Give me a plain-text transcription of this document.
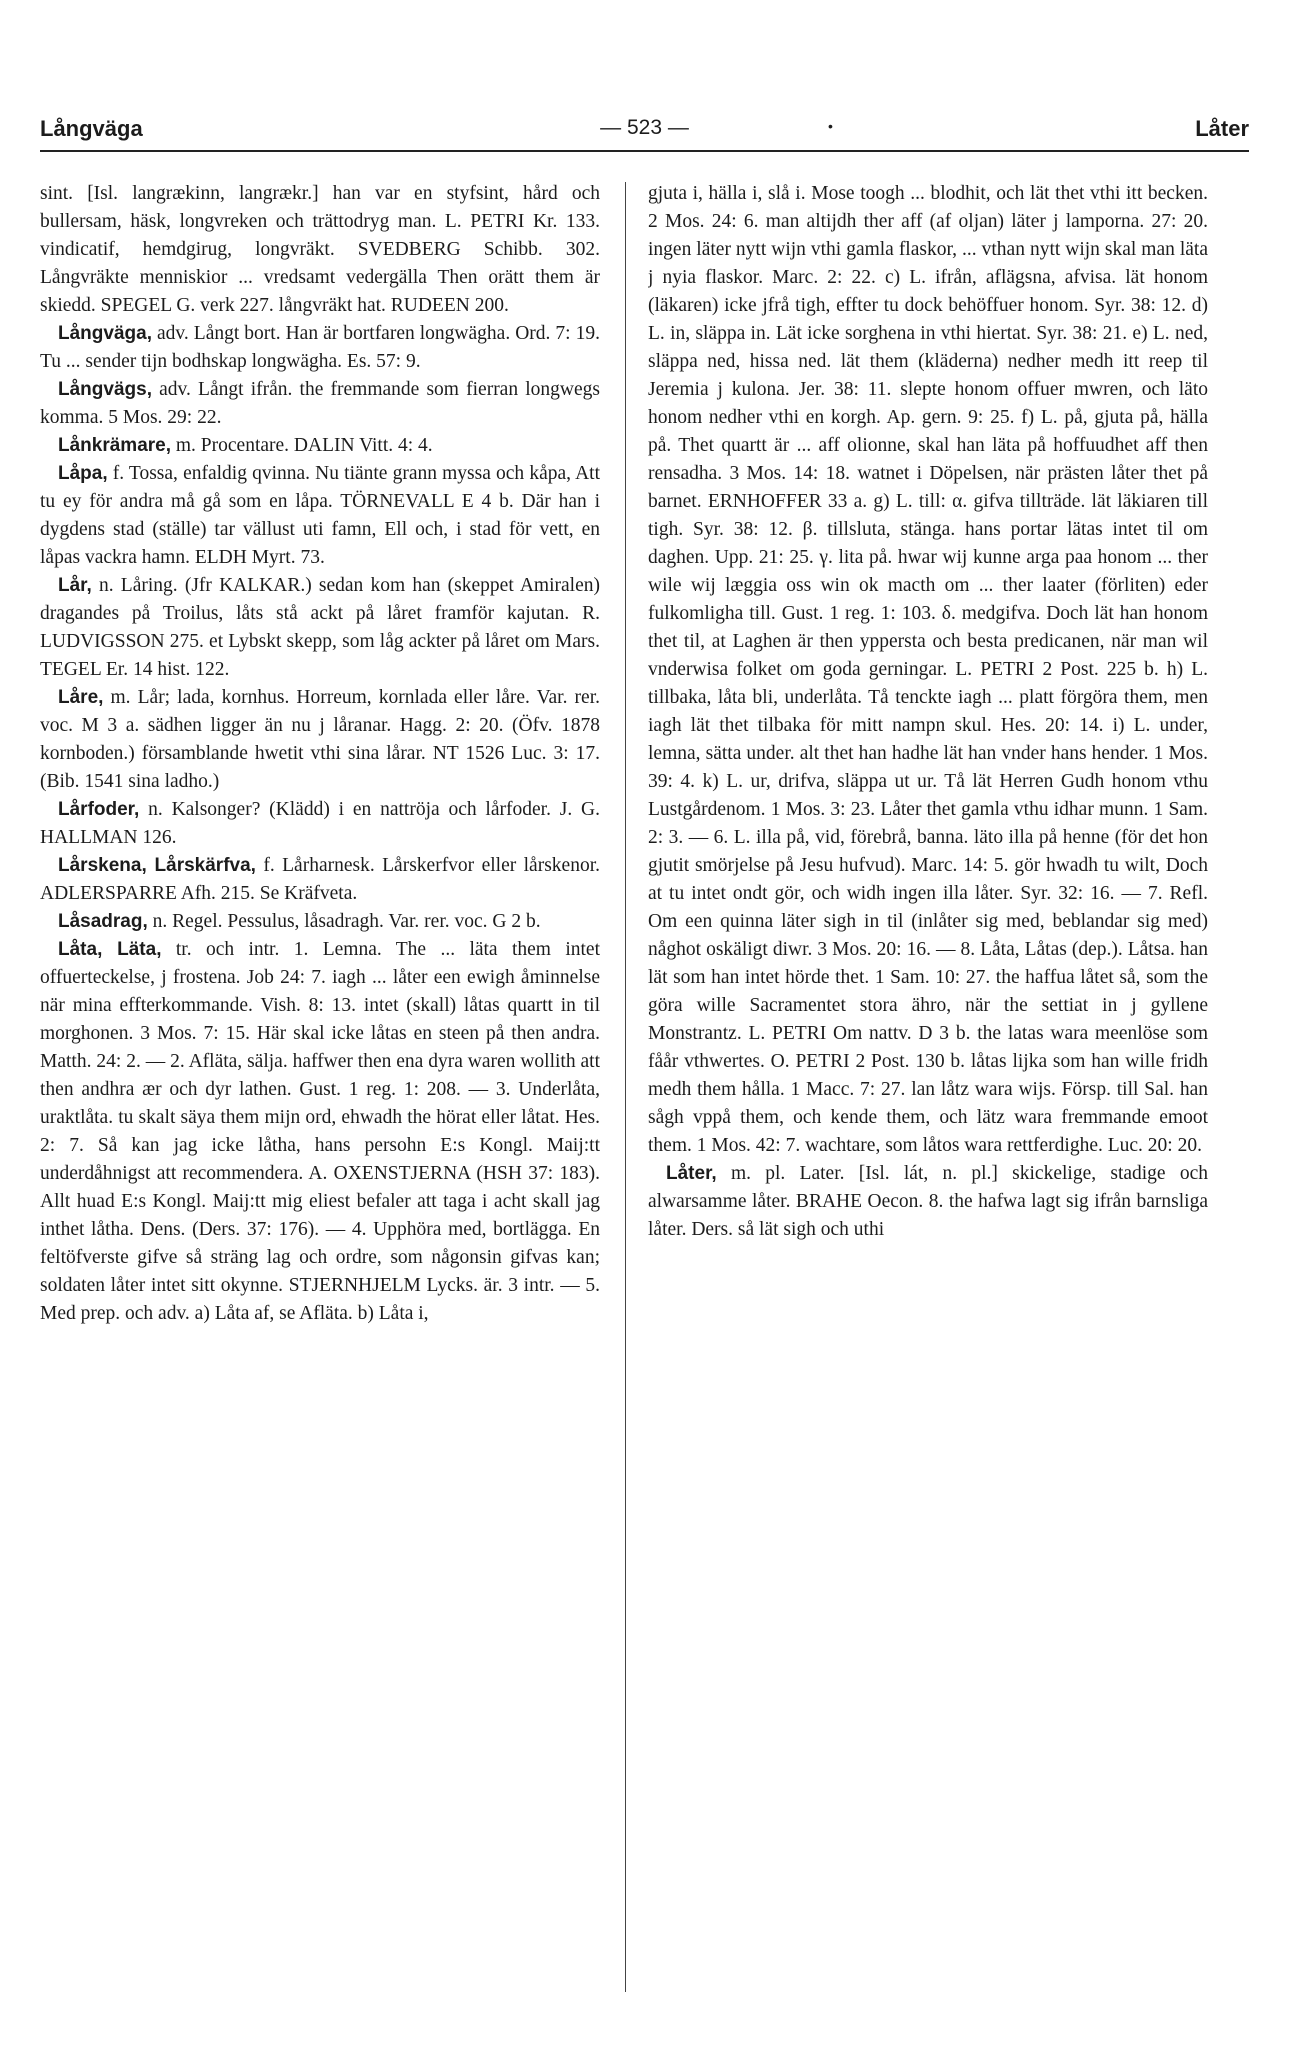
Långväga	— 523 —	•	Låter

sint. [Isl. langrækinn, langrækr.] han var en styfsint, hård och bullersam, häsk, longvreken och trättodryg man. L. PETRI Kr. 133. vindicatif, hemdgirug, longvräkt. SVEDBERG Schibb. 302. Långvräkte menniskior ... vredsamt vedergälla Then orätt them är skiedd. SPEGEL G. verk 227. långvräkt hat. RUDEEN 200.

Långväga, adv. Långt bort. Han är bortfaren longwägha. Ord. 7: 19. Tu ... sender tijn bodhskap longwägha. Es. 57: 9.

Långvägs, adv. Långt ifrån. the fremmande som fierran longwegs komma. 5 Mos. 29: 22.

Lånkrämare, m. Procentare. DALIN Vitt. 4: 4.

Låpa, f. Tossa, enfaldig qvinna. Nu tiänte grann myssa och kåpa, Att tu ey för andra må gå som en låpa. TÖRNEVALL E 4 b. Där han i dygdens stad (ställe) tar vällust uti famn, Ell och, i stad för vett, en låpas vackra hamn. ELDH Myrt. 73.

Lår, n. Låring. (Jfr KALKAR.) sedan kom han (skeppet Amiralen) dragandes på Troilus, låts stå ackt på låret framför kajutan. R. LUDVIGSSON 275. et Lybskt skepp, som låg ackter på låret om Mars. TEGEL Er. 14 hist. 122.

Låre, m. Lår; lada, kornhus. Horreum, kornlada eller låre. Var. rer. voc. M 3 a. sädhen ligger än nu j låranar. Hagg. 2: 20. (Öfv. 1878 kornboden.) församblande hwetit vthi sina lårar. NT 1526 Luc. 3: 17. (Bib. 1541 sina ladho.)

Lårfoder, n. Kalsonger? (Klädd) i en nattröja och lårfoder. J. G. HALLMAN 126.

Lårskena, Lårskärfva, f. Lårharnesk. Lårskerfvor eller lårskenor. ADLERSPARRE Afh. 215. Se Kräfveta.

Låsadrag, n. Regel. Pessulus, låsadragh. Var. rer. voc. G 2 b.

Låta, Läta, tr. och intr. 1. Lemna. The ... läta them intet offuerteckelse, j frostena. Job 24: 7. iagh ... låter een ewigh åminnelse när mina effterkommande. Vish. 8: 13. intet (skall) låtas quartt in til morghonen. 3 Mos. 7: 15. Här skal icke låtas en steen på then andra. Matth. 24: 2. — 2. Afläta, sälja. haffwer then ena dyra waren wollith att then andhra ær och dyr lathen. Gust. 1 reg. 1: 208. — 3. Underlåta, uraktlåta. tu skalt säya them mijn ord, ehwadh the hörat eller låtat. Hes. 2: 7. Så kan jag icke låtha, hans persohn E:s Kongl. Maij:tt underdåhnigst att recommendera. A. OXENSTJERNA (HSH 37: 183). Allt huad E:s Kongl. Maij:tt mig eliest befaler att taga i acht skall jag inthet låtha. Dens. (Ders. 37: 176). — 4. Upphöra med, bortlägga. En feltöfverste gifve så sträng lag och ordre, som någonsin gifvas kan; soldaten låter intet sitt okynne. STJERNHJELM Lycks. är. 3 intr. — 5. Med prep. och adv. a) Låta af, se Afläta. b) Låta i,

gjuta i, hälla i, slå i. Mose toogh ... blodhit, och lät thet vthi itt becken. 2 Mos. 24: 6. man altijdh ther aff (af oljan) läter j lamporna. 27: 20. ingen läter nytt wijn vthi gamla flaskor, ... vthan nytt wijn skal man läta j nyia flaskor. Marc. 2: 22. c) L. ifrån, aflägsna, afvisa. lät honom (läkaren) icke jfrå tigh, effter tu dock behöffuer honom. Syr. 38: 12. d) L. in, släppa in. Lät icke sorghena in vthi hiertat. Syr. 38: 21. e) L. ned, släppa ned, hissa ned. lät them (kläderna) nedher medh itt reep til Jeremia j kulona. Jer. 38: 11. slepte honom offuer mwren, och läto honom nedher vthi en korgh. Ap. gern. 9: 25. f) L. på, gjuta på, hälla på. Thet quartt är ... aff olionne, skal han läta på hoffuudhet aff then rensadha. 3 Mos. 14: 18. watnet i Döpelsen, när prästen låter thet på barnet. ERNHOFFER 33 a. g) L. till: α. gifva tillträde. lät läkiaren till tigh. Syr. 38: 12. β. tillsluta, stänga. hans portar lätas intet til om daghen. Upp. 21: 25. γ. lita på. hwar wij kunne arga paa honom ... ther wile wij læggia oss win ok macth om ... ther laater (förliten) eder fulkomligha till. Gust. 1 reg. 1: 103. δ. medgifva. Doch lät han honom thet til, at Laghen är then yppersta och besta predicanen, när man wil vnderwisa folket om goda gerningar. L. PETRI 2 Post. 225 b. h) L. tillbaka, låta bli, underlåta. Tå tenckte iagh ... platt förgöra them, men iagh lät thet tilbaka för mitt nampn skul. Hes. 20: 14. i) L. under, lemna, sätta under. alt thet han hadhe lät han vnder hans hender. 1 Mos. 39: 4. k) L. ur, drifva, släppa ut ur. Tå lät Herren Gudh honom vthu Lustgårdenom. 1 Mos. 3: 23. Låter thet gamla vthu idhar munn. 1 Sam. 2: 3. — 6. L. illa på, vid, förebrå, banna. läto illa på henne (för det hon gjutit smörjelse på Jesu hufvud). Marc. 14: 5. gör hwadh tu wilt, Doch at tu intet ondt gör, och widh ingen illa låter. Syr. 32: 16. — 7. Refl. Om een quinna läter sigh in til (inlåter sig med, beblandar sig med) någhot oskäligt diwr. 3 Mos. 20: 16. — 8. Låta, Låtas (dep.). Låtsa. han lät som han intet hörde thet. 1 Sam. 10: 27. the haffua låtet så, som the göra wille Sacramentet stora ähro, när the settiat in j gyllene Monstrantz. L. PETRI Om nattv. D 3 b. the latas wara meenlöse som fåår vthwertes. O. PETRI 2 Post. 130 b. låtas lijka som han wille fridh medh them hålla. 1 Macc. 7: 27. lan låtz wara wijs. Försp. till Sal. han sågh vppå them, och kende them, och lätz wara fremmande emoot them. 1 Mos. 42: 7. wachtare, som låtos wara rettferdighe. Luc. 20: 20.

Låter, m. pl. Later. [Isl. lát, n. pl.] skickelige, stadige och alwarsamme låter. BRAHE Oecon. 8. the hafwa lagt sig ifrån barnsliga låter. Ders. så lät sigh och uthi
